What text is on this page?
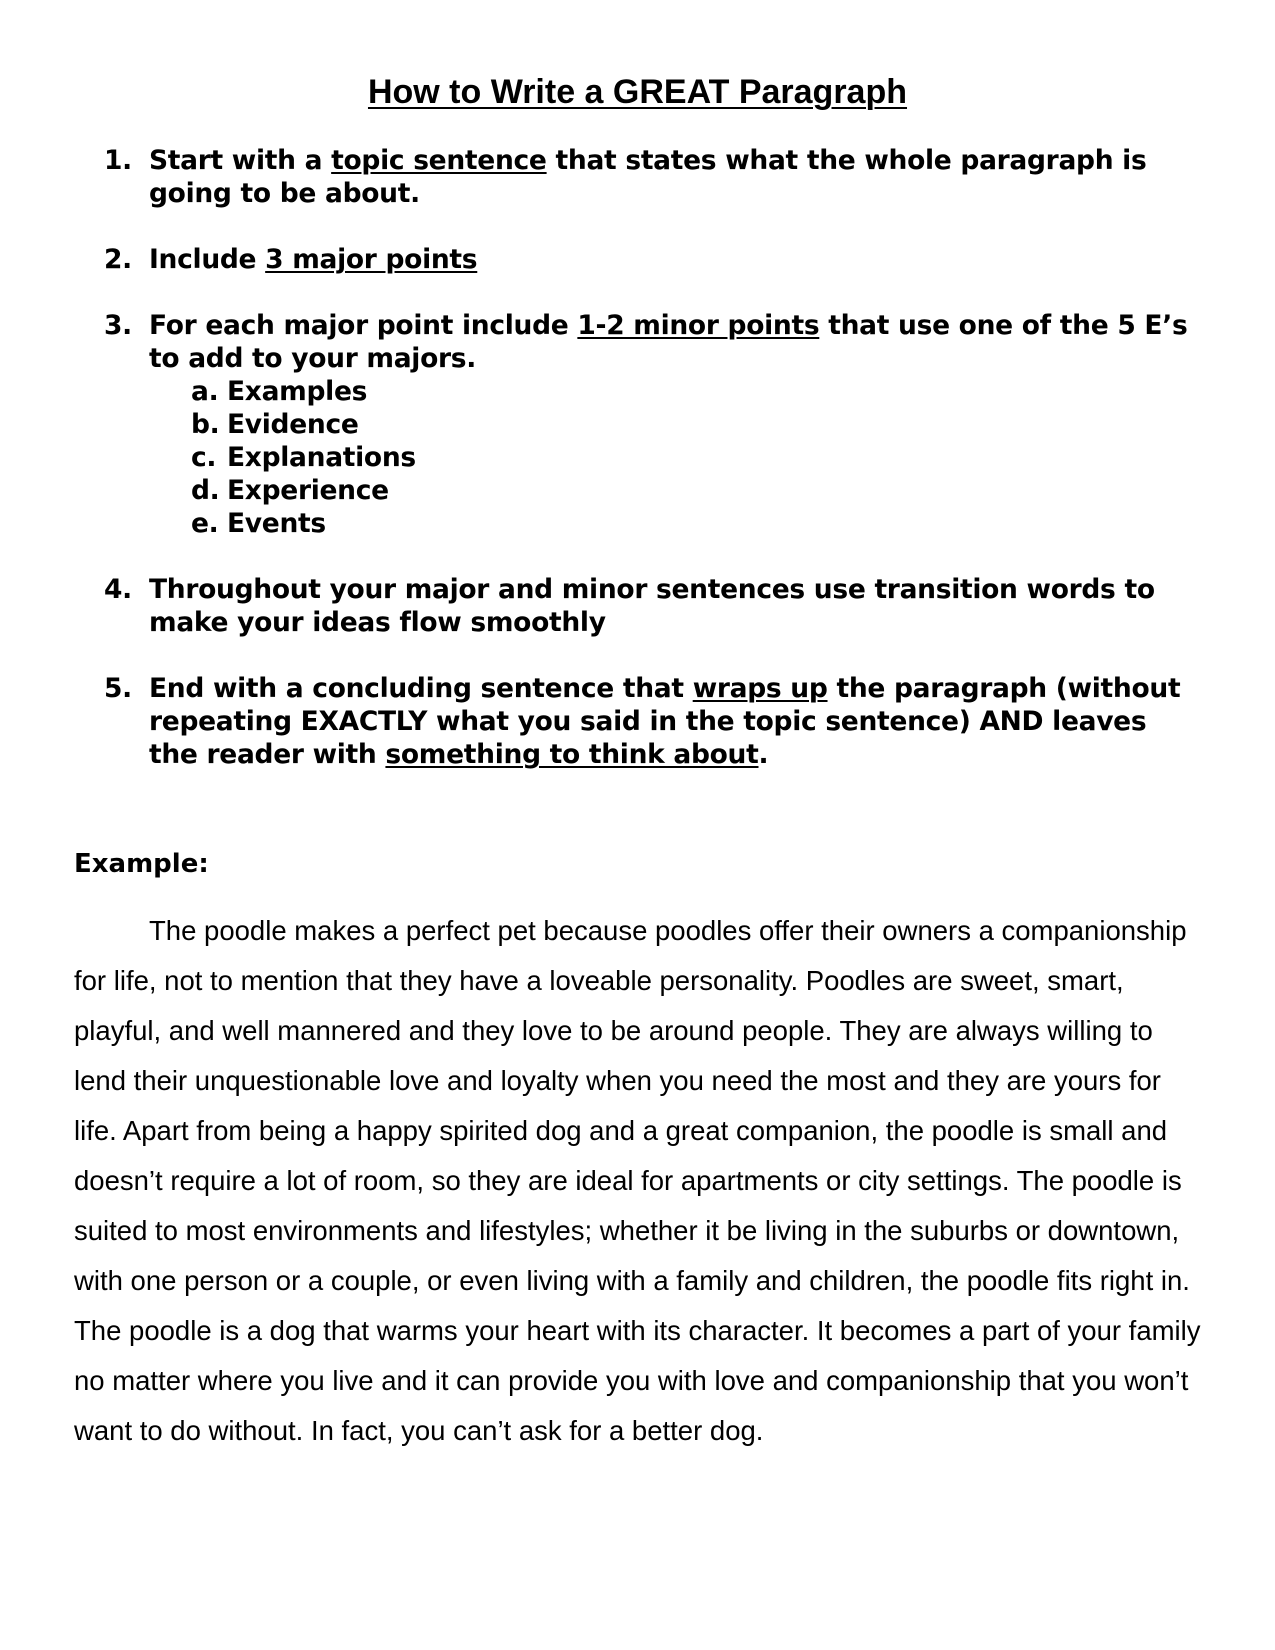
How to Write a GREAT Paragraph
1. Start with a topic sentence that states what the whole paragraph is going to be about.
2. Include 3 major points
3. For each major point include 1-2 minor points that use one of the 5 E’s to add to your majors.
a. Examples
b. Evidence
c. Explanations
d. Experience
e. Events
4. Throughout your major and minor sentences use transition words to make your ideas flow smoothly
5. End with a concluding sentence that wraps up the paragraph (without repeating EXACTLY what you said in the topic sentence) AND leaves the reader with something to think about.
Example:

The poodle makes a perfect pet because poodles offer their owners a companionship for life, not to mention that they have a loveable personality. Poodles are sweet, smart, playful, and well mannered and they love to be around people. They are always willing to lend their unquestionable love and loyalty when you need the most and they are yours for life. Apart from being a happy spirited dog and a great companion, the poodle is small and doesn’t require a lot of room, so they are ideal for apartments or city settings. The poodle is suited to most environments and lifestyles; whether it be living in the suburbs or downtown, with one person or a couple, or even living with a family and children, the poodle fits right in. The poodle is a dog that warms your heart with its character. It becomes a part of your family no matter where you live and it can provide you with love and companionship that you won’t want to do without. In fact, you can’t ask for a better dog.
